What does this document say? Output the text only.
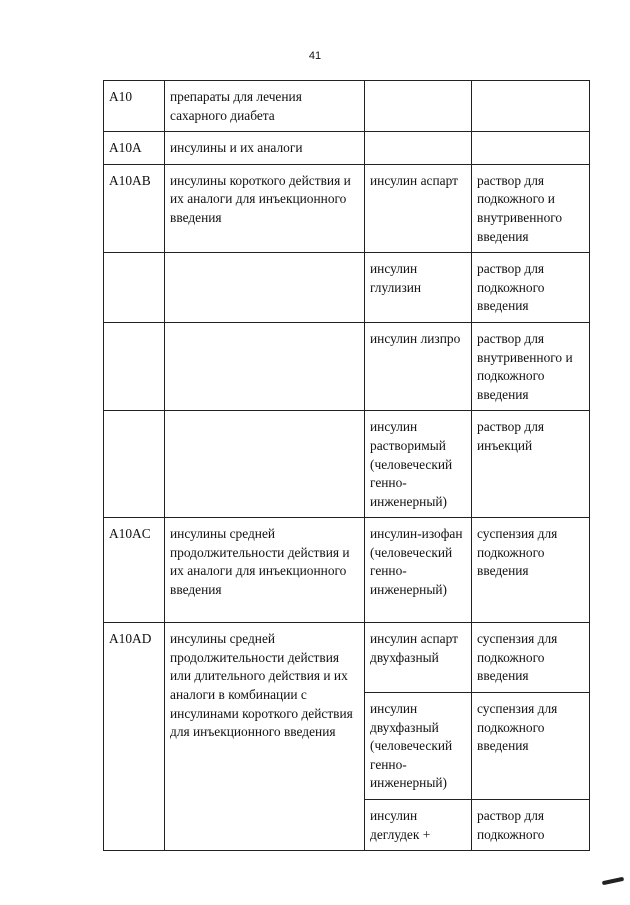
41
A10	препараты для лечения сахарного диабета		
A10A	инсулины и их аналоги		
A10AB	инсулины короткого действия и их аналоги для инъекционного введения	инсулин аспарт	раствор для подкожного и внутривенного введения
		инсулин глулизин	раствор для подкожного введения
		инсулин лизпро	раствор для внутривенного и подкожного введения
		инсулин растворимый (человеческий генно-инженерный)	раствор для инъекций
A10AC	инсулины средней продолжительности действия и их аналоги для инъекционного введения	инсулин-изофан (человеческий генно-инженерный)	суспензия для подкожного введения
A10AD	инсулины средней продолжительности действия или длительного действия и их аналоги в комбинации с инсулинами короткого действия для инъекционного введения	инсулин аспарт двухфазный	суспензия для подкожного введения
		инсулин двухфазный (человеческий генно-инженерный)	суспензия для подкожного введения
		инсулин деглудек +	раствор для подкожного
